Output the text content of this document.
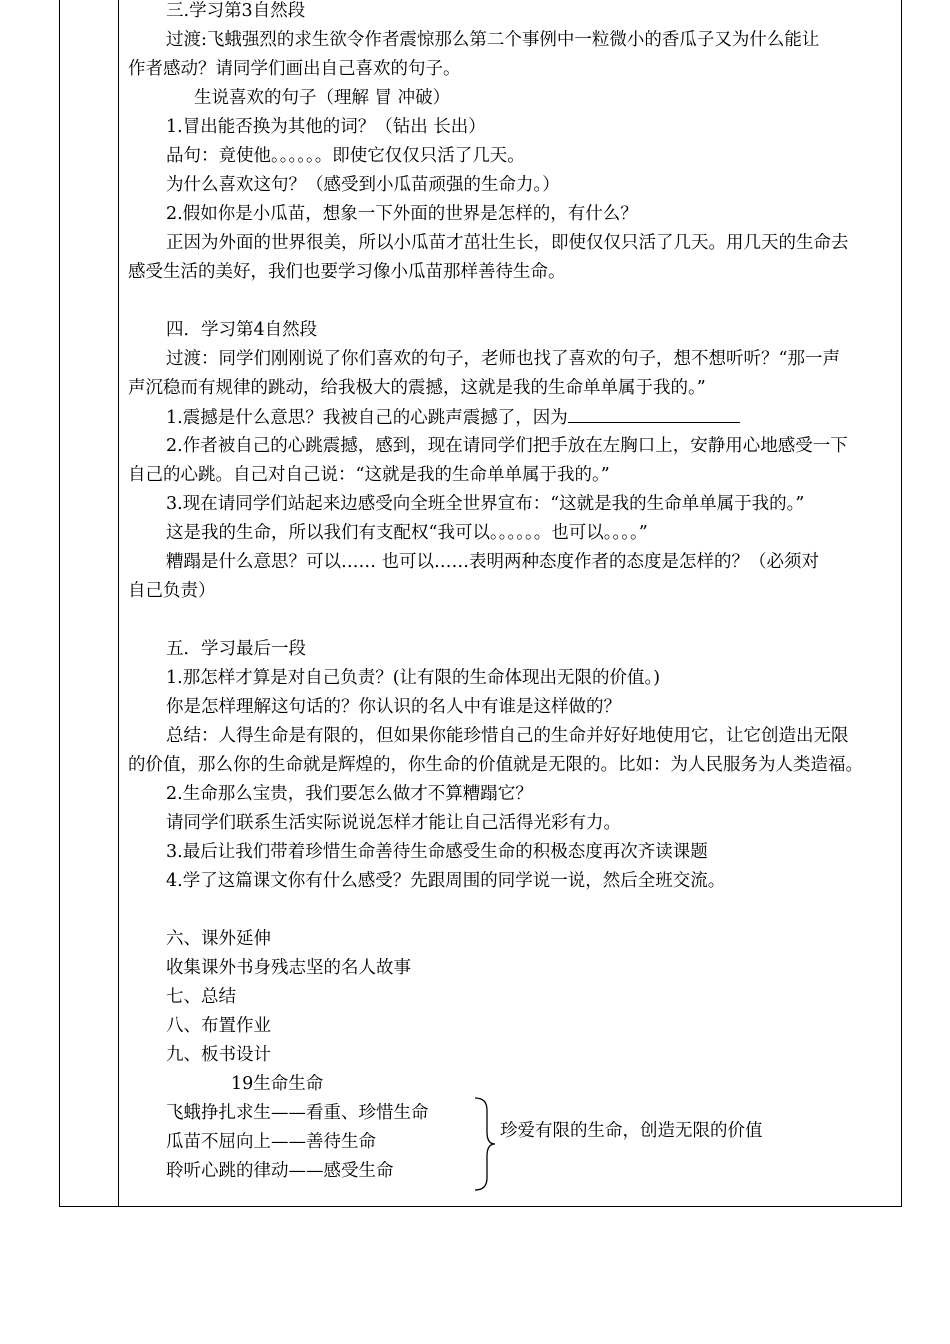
三.学习第3自然段
过渡:飞蛾强烈的求生欲令作者震惊那么第二个事例中一粒微小的香瓜子又为什么能让
作者感动？请同学们画出自己喜欢的句子。
生说喜欢的句子（理解 冒 冲破）
1.冒出能否换为其他的词？（钻出 长出）
品句：竟使他。。。。。。即使它仅仅只活了几天。
为什么喜欢这句？（感受到小瓜苗顽强的生命力。）
2.假如你是小瓜苗，想象一下外面的世界是怎样的，有什么？
正因为外面的世界很美，所以小瓜苗才茁壮生长，即使仅仅只活了几天。用几天的生命去
感受生活的美好，我们也要学习像小瓜苗那样善待生命。
四．学习第4自然段
过渡：同学们刚刚说了你们喜欢的句子，老师也找了喜欢的句子，想不想听听？“那一声
声沉稳而有规律的跳动，给我极大的震撼，这就是我的生命单单属于我的。”
1.震撼是什么意思？我被自己的心跳声震撼了，因为
2.作者被自己的心跳震撼，感到，现在请同学们把手放在左胸口上，安静用心地感受一下
自己的心跳。自己对自己说：“这就是我的生命单单属于我的。”
3.现在请同学们站起来边感受向全班全世界宣布：“这就是我的生命单单属于我的。”
这是我的生命，所以我们有支配权“我可以。。。。。。也可以。。。。”
糟蹋是什么意思？可以…… 也可以……表明两种态度作者的态度是怎样的？（必须对
自己负责）
五．学习最后一段
1.那怎样才算是对自己负责？(让有限的生命体现出无限的价值。)
你是怎样理解这句话的？你认识的名人中有谁是这样做的？
总结：人得生命是有限的，但如果你能珍惜自己的生命并好好地使用它，让它创造出无限
的价值，那么你的生命就是辉煌的，你生命的价值就是无限的。比如：为人民服务为人类造福。
2.生命那么宝贵，我们要怎么做才不算糟蹋它？
请同学们联系生活实际说说怎样才能让自己活得光彩有力。
3.最后让我们带着珍惜生命善待生命感受生命的积极态度再次齐读课题
4.学了这篇课文你有什么感受？先跟周围的同学说一说，然后全班交流。
六、课外延伸
收集课外书身残志坚的名人故事
七、总结
八、布置作业
九、板书设计
19生命生命
飞蛾挣扎求生——看重、珍惜生命
瓜苗不屈向上——善待生命
聆听心跳的律动——感受生命
珍爱有限的生命，创造无限的价值
